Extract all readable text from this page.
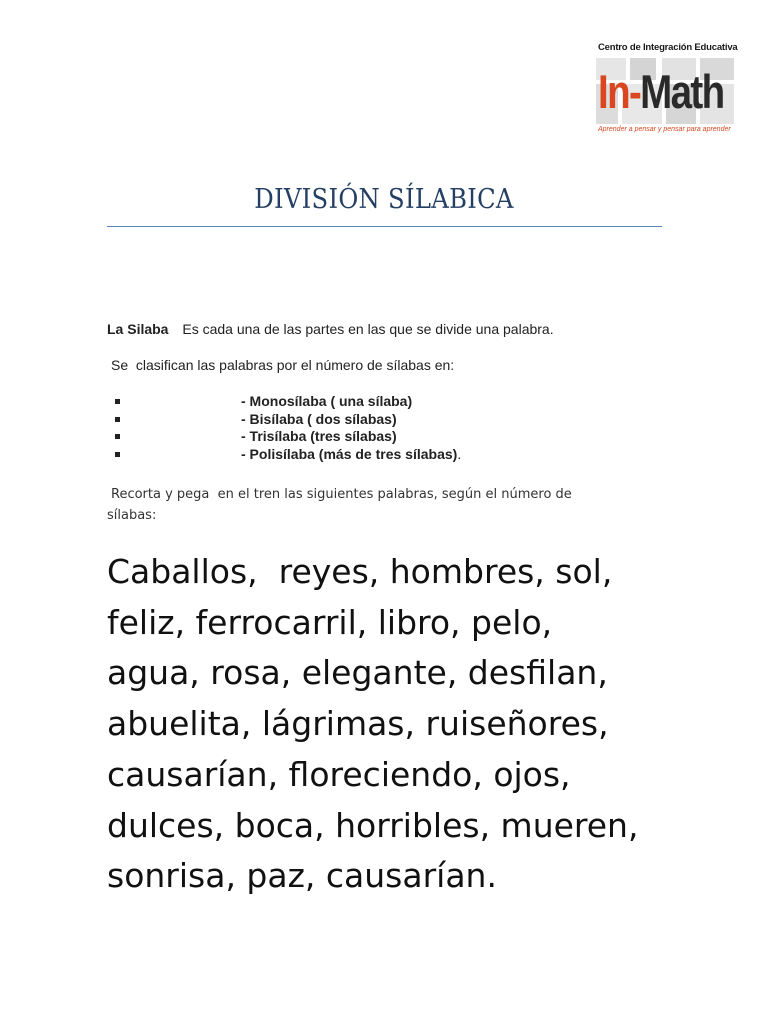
Centro de Integración Educativa
In-Math
Aprender a pensar y pensar para aprender
DIVISIÓN SÍLABICA
La Silaba Es cada una de las partes en las que se divide una palabra.
Se  clasifican las palabras por el número de sílabas en:
- Monosílaba ( una sílaba)
- Bisílaba ( dos sílabas)
- Trisílaba (tres sílabas)
- Polisílaba (más de tres sílabas).
Recorta y pega  en el tren las siguientes palabras, según el número de
sílabas:
Caballos,  reyes, hombres, sol,
feliz, ferrocarril, libro, pelo,
agua, rosa, elegante, desfilan,
abuelita, lágrimas, ruiseñores,
causarían, floreciendo, ojos,
dulces, boca, horribles, mueren,
sonrisa, paz, causarían.
